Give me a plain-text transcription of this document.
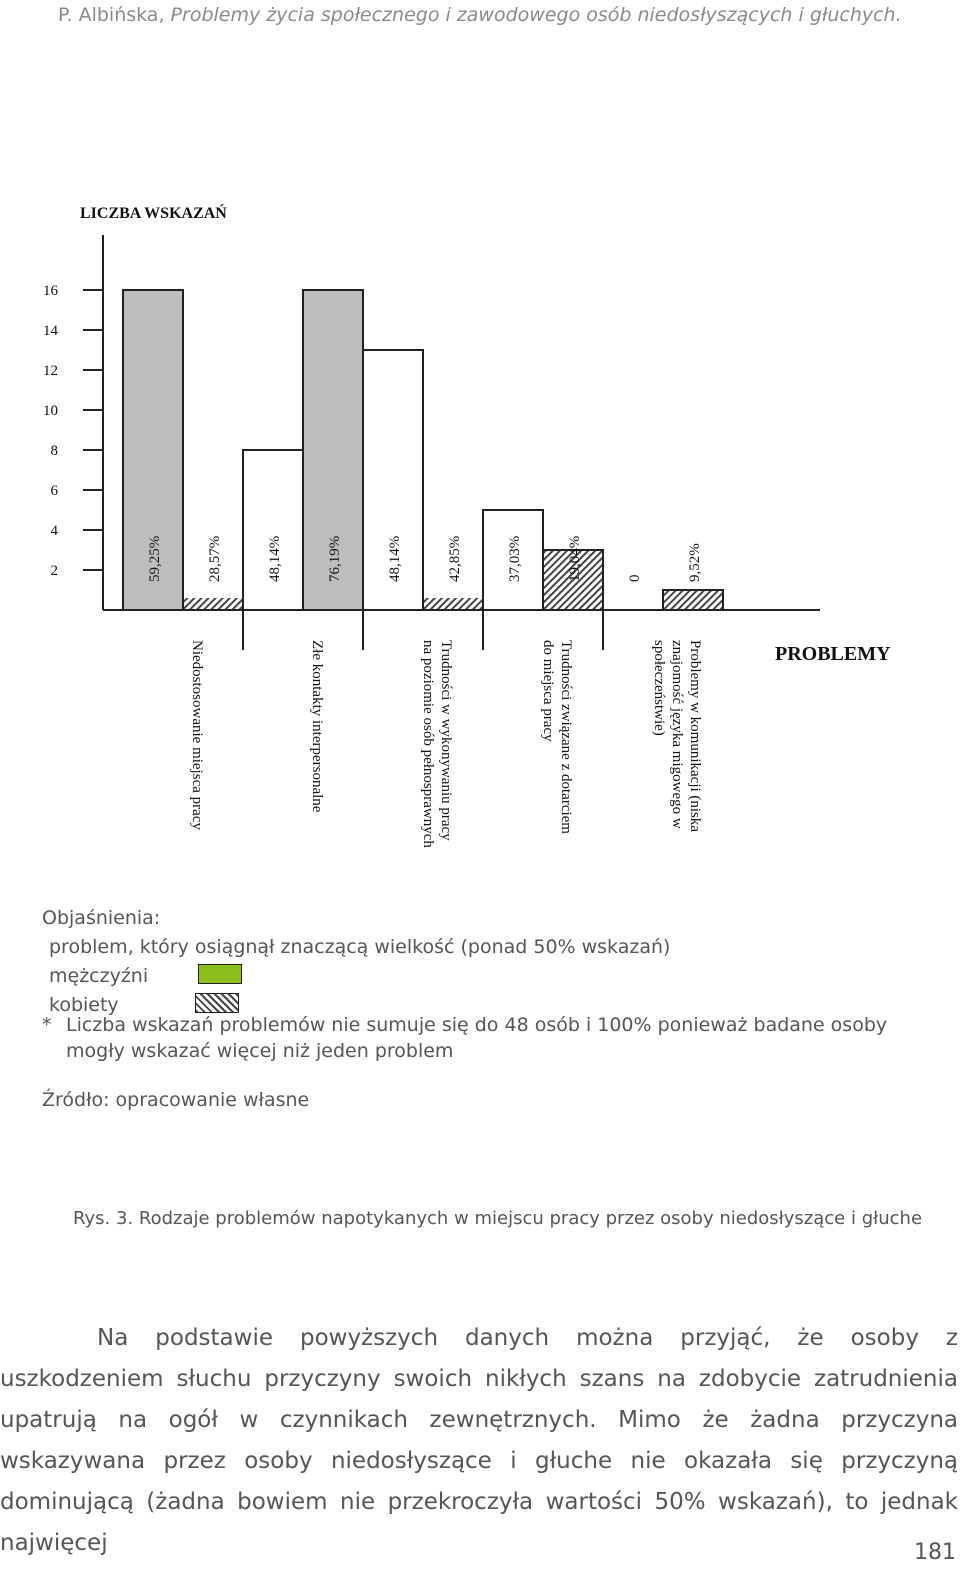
P. Albińska, Problemy życia społecznego i zawodowego osób niedosłyszących i głuchych.
LICZBA WSKAZAŃ
PROBLEMY
16
14
12
10
8
6
4
2	59,25%	28,57%	48,14%	76,19%	48,14%	42,85%	37,03%	19,04%	0	9,52%
Niedostosowanie miejsca pracy	Złe kontakty interpersonalne	Trudności w wykonywaniu pracy
na poziomie osób pełnosprawnych	Trudności związane z dotarciem
do miejsca pracy	Problemy w komunikacji (niska
znajomość języka migowego w
społeczeństwie)
Objaśnienia:
problem, który osiągnął znaczącą wielkość (ponad 50% wskazań)
mężczyźni
kobiety
* Liczba wskazań problemów nie sumuje się do 48 osób i 100% ponieważ badane osoby
mogły wskazać więcej niż jeden problem
Źródło: opracowanie własne
Rys. 3. Rodzaje problemów napotykanych w miejscu pracy przez osoby niedosłyszące i głuche

Na podstawie powyższych danych można przyjąć, że osoby z uszkodzeniem słuchu przyczyny swoich nikłych szans na zdobycie zatrudnienia upatrują na ogół w czynnikach zewnętrznych. Mimo że żadna przyczyna wskazywana przez osoby niedosłyszące i głuche nie okazała się przyczyną dominującą (żadna bowiem nie przekroczyła wartości 50% wskazań), to jednak najwięcej	181
